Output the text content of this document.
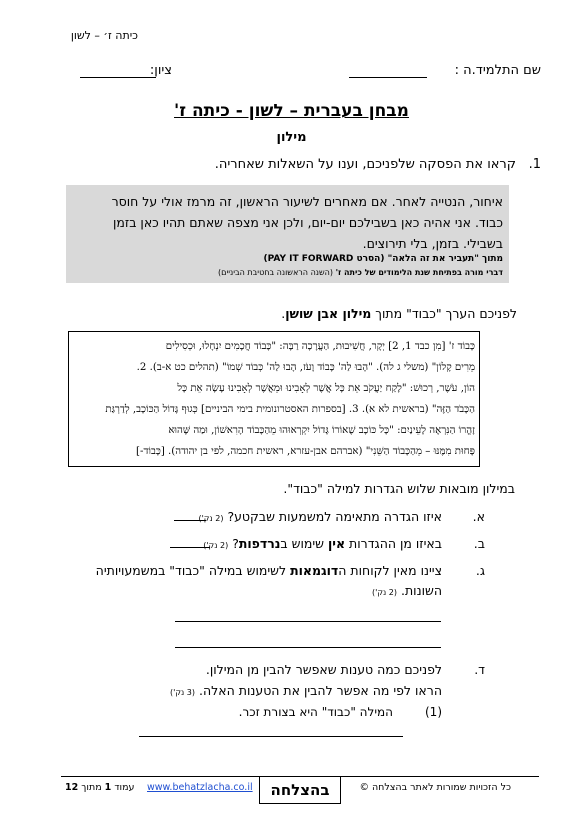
כיתה ז׳ – לשון
שם התלמיד.ה :
ציון:
מבחן בעברית – לשון - כיתה ז'
מילון
1.
קראו את הפסקה שלפניכם, וענו על השאלות שאחריה.
איחור, הנטייה לאחר. אם מאחרים לשיעור הראשון, זה מרמז אולי על חוסר
כבוד. אני אהיה כאן בשבילכם יום-יום, ולכן אני מצפה שאתם תהיו כאן בזמן
בשבילי. בזמן, בלי תירוצים.
מתוך "תעביר את זה הלאה" (הסרט PAY IT FORWARD)
דברי מורה בפתיחת שנת הלימודים של כיתה ז' (השנה הראשונה בחטיבת הביניים)
לפניכם הערך "כבוד" מתוך מילון אבן שושן.
כָּבוֹד ז' [מִן כבד 1, 2] יְקָר, חֲשִׁיבוּת, הַעֲרָכָה רַבָּה: "כָּבוֹד חֲכָמִים יִנְחָלוּ, וּכְסִילִים
מֵרִים קָלוֹן" (משלי ג לה). "הָבוּ לַה' כָּבוֹד וָעֹז, הָבוּ לַה' כְּבוֹד שְׁמוֹ" (תהלים כט א-ב). 2.
הוֹן, עֹשֶׁר, רְכוּשׁ: "לָקַח יַעֲקֹב אֵת כָּל אֲשֶׁר לְאָבִינוּ וּמֵאֲשֶׁר לְאָבִינוּ עָשָׂה אֵת כָּל
הַכָּבֹד הַזֶּה" (בראשית לא א). 3. [בספרות האסטרונומית בימי הביניים] כְּגוּף גָּדוֹל הַכּוֹכָב, לְדַרְגַּת
זָהֳרוֹ הַנִּרְאֶה לָעֵינַיִם: "כָּל כּוֹכָב שֶׁאוֹרוֹ גָּדוֹל יִקְרְאוּהוּ מֵהַכָּבוֹד הָרִאשׁוֹן, וּמַה שֶּׁהוּא
פָּחוּת מִמֶּנּוּ – מֵהַכָּבוֹד הַשֵּׁנִי" (אברהם אבן-עזרא, ראשית חכמה, לפי בן יהודה). [כָּבוֹד-]
במילון מובאות שלוש הגדרות למילה "כבוד".
א.
איזו הגדרה מתאימה למשמעות שבקטע? (2 נק')
ב.
באיזו מן ההגדרות אין שימוש בנרדפות? (2 נק')
ג.
ציינו מאין לקוחות הדוגמאות לשימוש במילה "כבוד" במשמעויותיה
השונות. (2 נק')
ד.
לפניכם כמה טענות שאפשר להבין מן המילון.
הראו לפי מה אפשר להבין את הטענות האלה. (3 נק')
(1)
המילה "כבוד" היא בצורת זכר.
כל הזכויות שמורות לאתר בהצלחה ©
בהצלחה
www.behatzlacha.co.il
עמוד 1 מתוך 12
